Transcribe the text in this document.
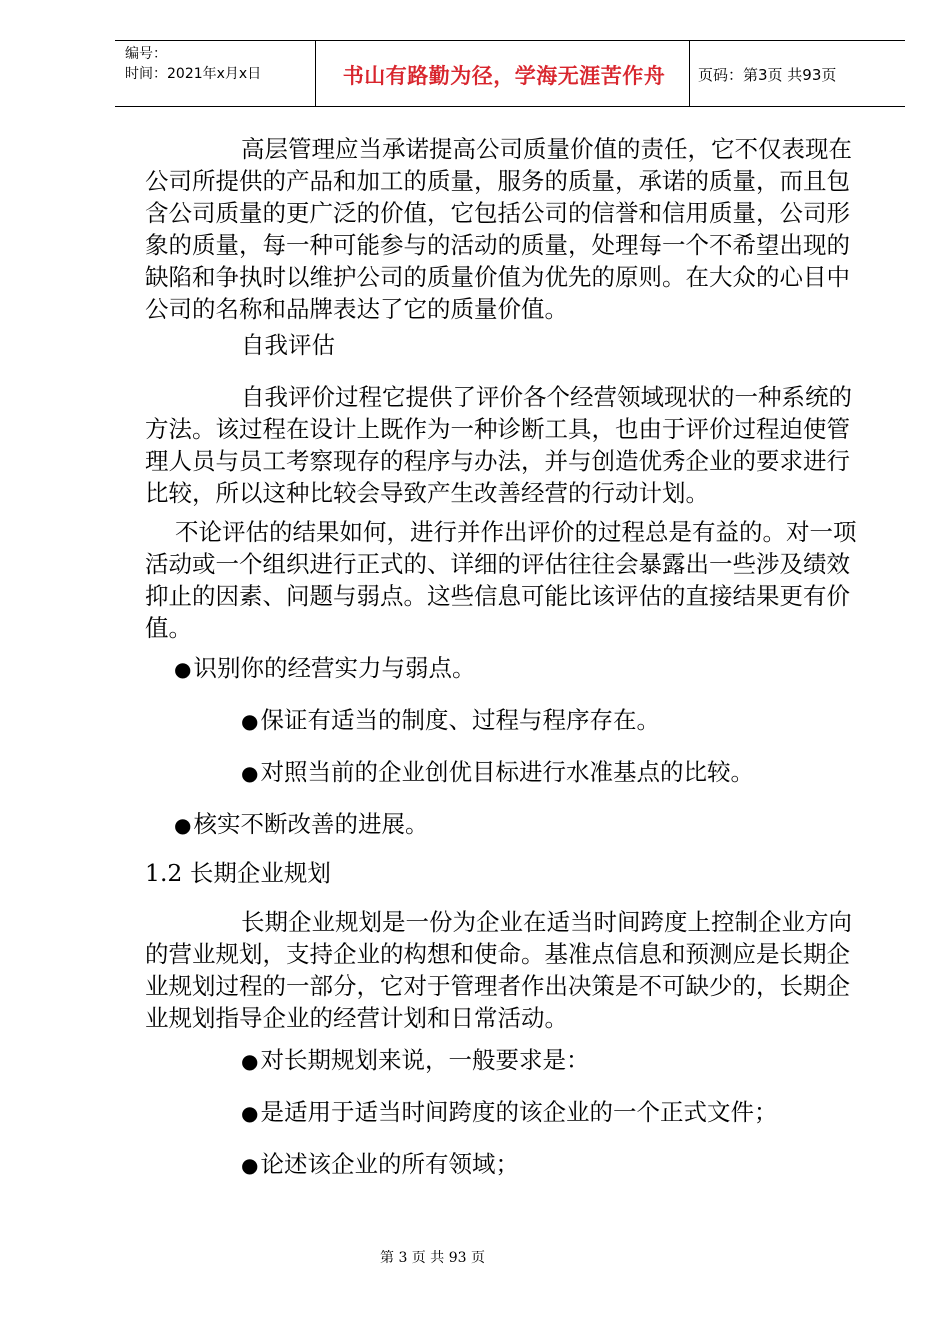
编号：
时间：2021年x月x日	书山有路勤为径，学海无涯苦作舟	页码：第3页 共93页
高层管理应当承诺提高公司质量价值的责任，它不仅表现在
公司所提供的产品和加工的质量，服务的质量，承诺的质量，而且包
含公司质量的更广泛的价值，它包括公司的信誉和信用质量，公司形
象的质量，每一种可能参与的活动的质量，处理每一个不希望出现的
缺陷和争执时以维护公司的质量价值为优先的原则。在大众的心目中
公司的名称和品牌表达了它的质量价值。
自我评估
自我评价过程它提供了评价各个经营领域现状的一种系统的
方法。该过程在设计上既作为一种诊断工具，也由于评价过程迫使管
理人员与员工考察现存的程序与办法，并与创造优秀企业的要求进行
比较，所以这种比较会导致产生改善经营的行动计划。
不论评估的结果如何，进行并作出评价的过程总是有益的。对一项
活动或一个组织进行正式的、详细的评估往往会暴露出一些涉及绩效
抑止的因素、问题与弱点。这些信息可能比该评估的直接结果更有价
值。
●识别你的经营实力与弱点。
●保证有适当的制度、过程与程序存在。
●对照当前的企业创优目标进行水准基点的比较。
●核实不断改善的进展。
1.2 长期企业规划
长期企业规划是一份为企业在适当时间跨度上控制企业方向
的营业规划，支持企业的构想和使命。基准点信息和预测应是长期企
业规划过程的一部分，它对于管理者作出决策是不可缺少的，长期企
业规划指导企业的经营计划和日常活动。
●对长期规划来说，一般要求是：
●是适用于适当时间跨度的该企业的一个正式文件；
●论述该企业的所有领域；
第 3 页 共 93 页
